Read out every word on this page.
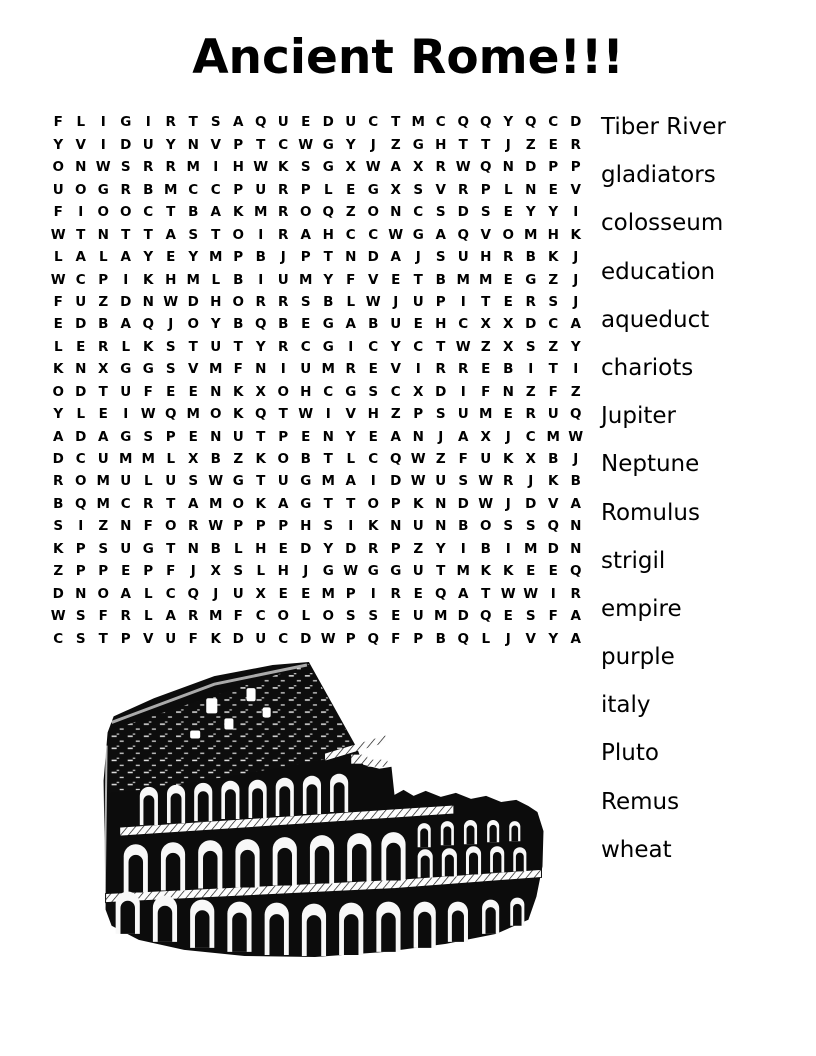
Ancient Rome!!!
F	L	I	G	I	R T S A Q U E D U C T M C Q Q Y Q C D
Y V	I	D U Y N V P T C W G Y	J	Z G H T T	J	Z E R
O N W S R R M I	H W K S G X W A X R W Q N D P P
U O G R B M C C P U R P L	E G X S V R P L N E V
F	I	O O C T B A K M R O Q Z O N C S D S E Y Y	I
W T N T T A S T O	I	R A H C C W G A Q V O M H K
L A L A Y E Y M P B	J	P T N D A	J	S U H R B K	J
W C P	I	K H M L B	I	U M Y F V E T B M M E G Z	J
F U Z D N W D H O R R S B L W J	U P	I	T E R S	J
E D B A Q	J	O Y B Q B E G A B U E H C X X D C A
L	E R L K S T U T Y R C G	I	C Y C T W Z X S Z Y
K N X G G S V M F N	I	U M R E V	I	R R E B	I	T	I
O D T U F E E N K X O H C G S C X D	I	F N Z F Z
Y L	E	I W Q M O K Q T W I	V H Z P S U M E R U Q
A D A G S P E N U T P E N Y E A N	J	A X	J	C M W
D C U M M L X B Z K O B T	L C Q W Z F U K X B	J
R O M U L U S W G T U G M A	I	D W U S W R	J	K B
B Q M C R T A M O K A G T T O P K N D W J	D V A
S	I	Z N F O R W P P P H S	I	K N U N B O S S Q N
K P S U G T N B L H E D Y D R P Z Y	I	B	I M D N
Z P P E P F	J	X S L H	J	G W G G U T M K K E E Q
D N O A L C Q	J	U X E E M P	I	R E Q A T W W I	R
W S F R L A R M F C O L O S S E U M D Q E S F A
C S T P V U F K D U C D W P Q F P B Q L	J	V Y A
Tiber River
gladiators
colosseum
education
aqueduct
chariots
Jupiter
Neptune
Romulus
strigil
empire
purple
italy
Pluto
Remus
wheat
